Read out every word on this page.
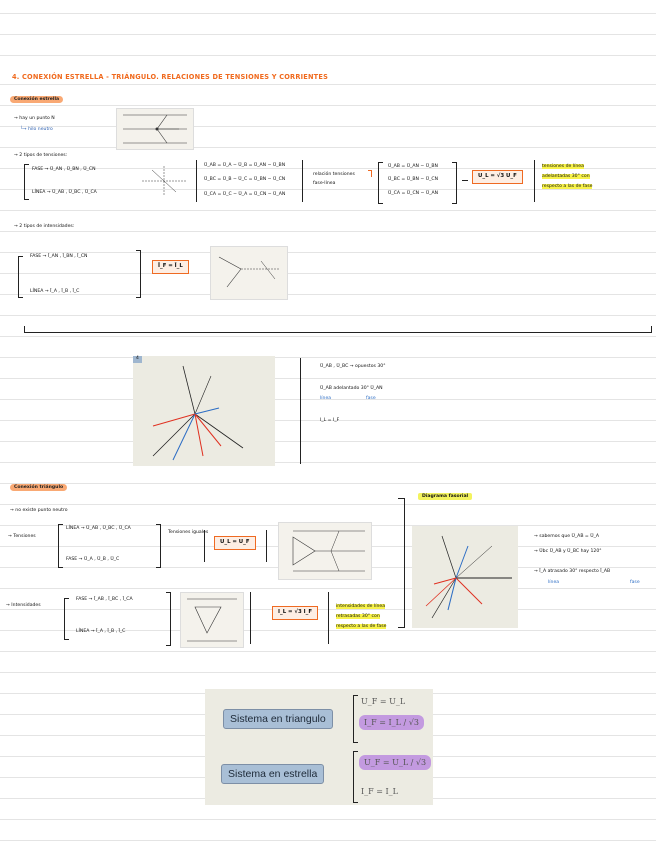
4. CONEXIÓN ESTRELLA - TRIÁNGULO. RELACIONES DE TENSIONES Y CORRIENTES
Conexión estrella
→ hay un punto N
└→ hilo neutro
→ 2 tipos de tensiones:
FASE → Ū_AN , Ū_BN , Ū_CN
LÍNEA → Ū_AB , Ū_BC , Ū_CA
Ū_AB = Ū_A − Ū_B = Ū_AN − Ū_BN
Ū_BC = Ū_B − Ū_C = Ū_BN − Ū_CN
Ū_CA = Ū_C − Ū_A = Ū_CN − Ū_AN
relación tensiones
fase-línea
Ū_AB = Ū_AN − Ū_BN
Ū_BC = Ū_BN − Ū_CN
Ū_CA = Ū_CN − Ū_AN
U_L = √3 U_F
tensiones de línea
adelantadas 30° con
respecto a las de fase
→ 2 tipos de intensidades:
FASE → Ī_AN , Ī_BN , Ī_CN
LÍNEA → Ī_A , Ī_B , Ī_C
Ī_F = Ī_L
4
Ū_AB , Ū_BC → opuestos 30°
Ū_AB adelantado 30° Ū_AN
línea	fase
I_L = I_F
Conexión triángulo
→ no existe punto neutro
→ Tensiones
LÍNEA → Ū_AB , Ū_BC , Ū_CA
FASE → Ū_A , Ū_B , Ū_C
Tensiones iguales
U_L = U_F
→ Intensidades
FASE → Ī_AB , Ī_BC , Ī_CA
LÍNEA → Ī_A , Ī_B , Ī_C
I_L = √3 I_F
intensidades de línea
retrasadas 30° con
respecto a las de fase
Diagrama fasorial
→ sabemos que Ū_AB = Ū_A
→ Ūbc Ū_AB y Ū_BC hay 120°
→ Ī_A atrasado 30° respecto Ī_AB
línea	fase
Sistema en triangulo
Sistema en estrella
U_F = U_L
I_F = I_L / √3
U_F = U_L / √3
I_F = I_L
